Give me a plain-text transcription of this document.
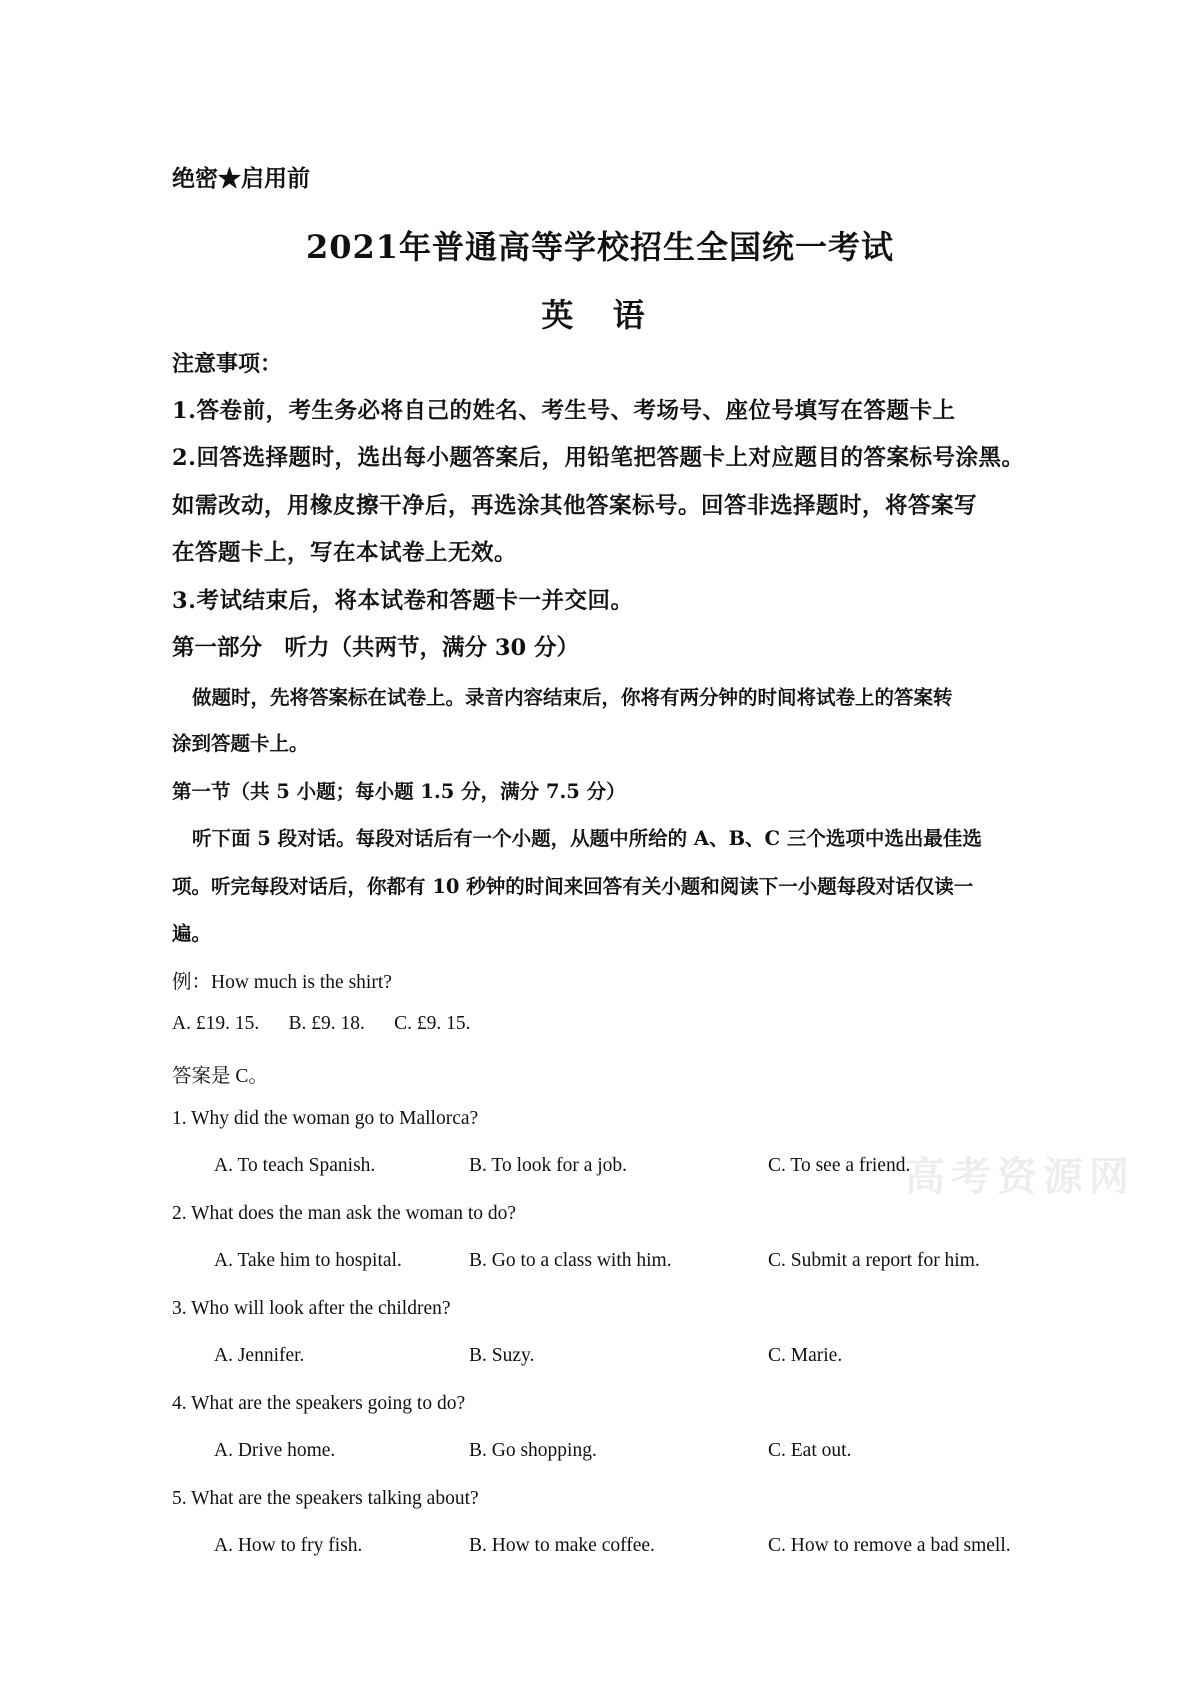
绝密★启用前
2021年普通高等学校招生全国统一考试
英 语
注意事项：
1.答卷前，考生务必将自己的姓名、考生号、考场号、座位号填写在答题卡上
2.回答选择题时，选出每小题答案后，用铅笔把答题卡上对应题目的答案标号涂黑。
如需改动，用橡皮擦干净后，再选涂其他答案标号。回答非选择题时，将答案写
在答题卡上，写在本试卷上无效。
3.考试结束后，将本试卷和答题卡一并交回。
第一部分　听力（共两节，满分 30 分）
做题时，先将答案标在试卷上。录音内容结束后，你将有两分钟的时间将试卷上的答案转
涂到答题卡上。
第一节（共 5 小题；每小题 1.5 分，满分 7.5 分）
听下面 5 段对话。每段对话后有一个小题，从题中所给的 A、B、C 三个选项中选出最佳选
项。听完每段对话后，你都有 10 秒钟的时间来回答有关小题和阅读下一小题每段对话仅读一
遍。
例：How much is the shirt?
A. £19. 15.      B. £9. 18.      C. £9. 15.
答案是 C。
高考资源网
1. Why did the woman go to Mallorca?
A. To teach Spanish.	B. To look for a job.	C. To see a friend.
2. What does the man ask the woman to do?
A. Take him to hospital.	B. Go to a class with him.	C. Submit a report for him.
3. Who will look after the children?
A. Jennifer.	B. Suzy.	C. Marie.
4. What are the speakers going to do?
A. Drive home.	B. Go shopping.	C. Eat out.
5. What are the speakers talking about?
A. How to fry fish.	B. How to make coffee.	C. How to remove a bad smell.
